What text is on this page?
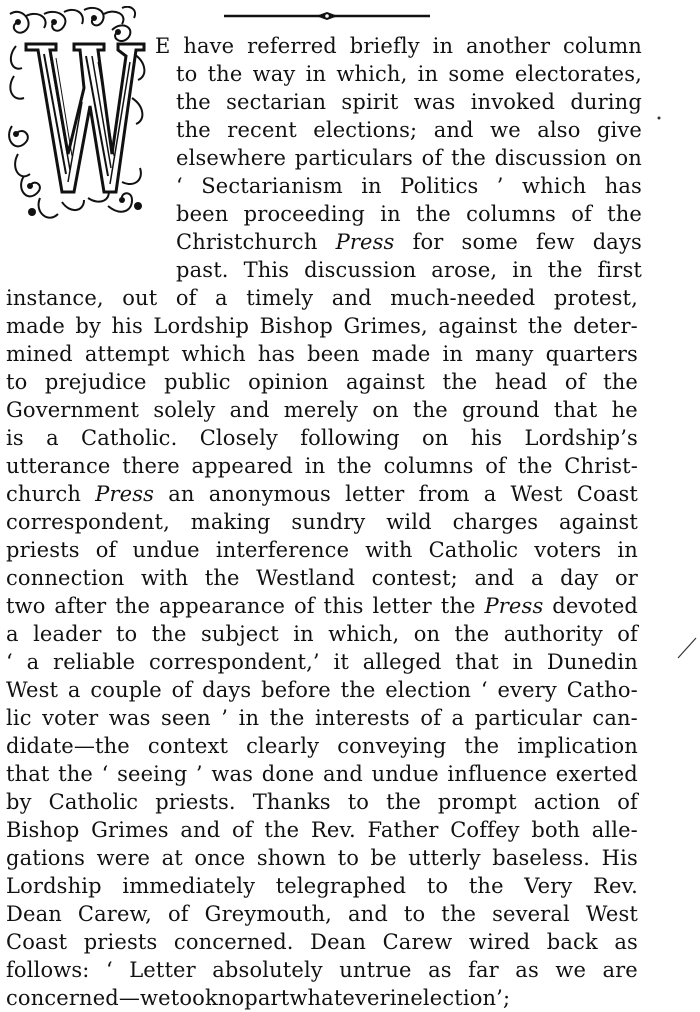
E have referred briefly in another column
to the way in which, in some electorates,
the sectarian spirit was invoked during
the recent elections; and we also give
elsewhere particulars of the discussion on
‘ Sectarianism in Politics ’ which has
been proceeding in the columns of the
Christchurch Press for some few days
past. This discussion arose, in the first
instance, out of a timely and much-needed protest,
made by his Lordship Bishop Grimes, against the deter-
mined attempt which has been made in many quarters
to prejudice public opinion against the head of the
Government solely and merely on the ground that he
is a Catholic. Closely following on his Lordship’s
utterance there appeared in the columns of the Christ-
church Press an anonymous letter from a West Coast
correspondent, making sundry wild charges against
priests of undue interference with Catholic voters in
connection with the Westland contest; and a day or
two after the appearance of this letter the Press devoted
a leader to the subject in which, on the authority of
‘ a reliable correspondent,’ it alleged that in Dunedin
West a couple of days before the election ‘ every Catho-
lic voter was seen ’ in the interests of a particular can-
didate—the context clearly conveying the implication
that the ‘ seeing ’ was done and undue influence exerted
by Catholic priests. Thanks to the prompt action of
Bishop Grimes and of the Rev. Father Coffey both alle-
gations were at once shown to be utterly baseless. His
Lordship immediately telegraphed to the Very Rev.
Dean Carew, of Greymouth, and to the several West
Coast priests concerned. Dean Carew wired back as
follows: ‘ Letter absolutely untrue as far as we are
concerned—we took no part whatever in election ’;
